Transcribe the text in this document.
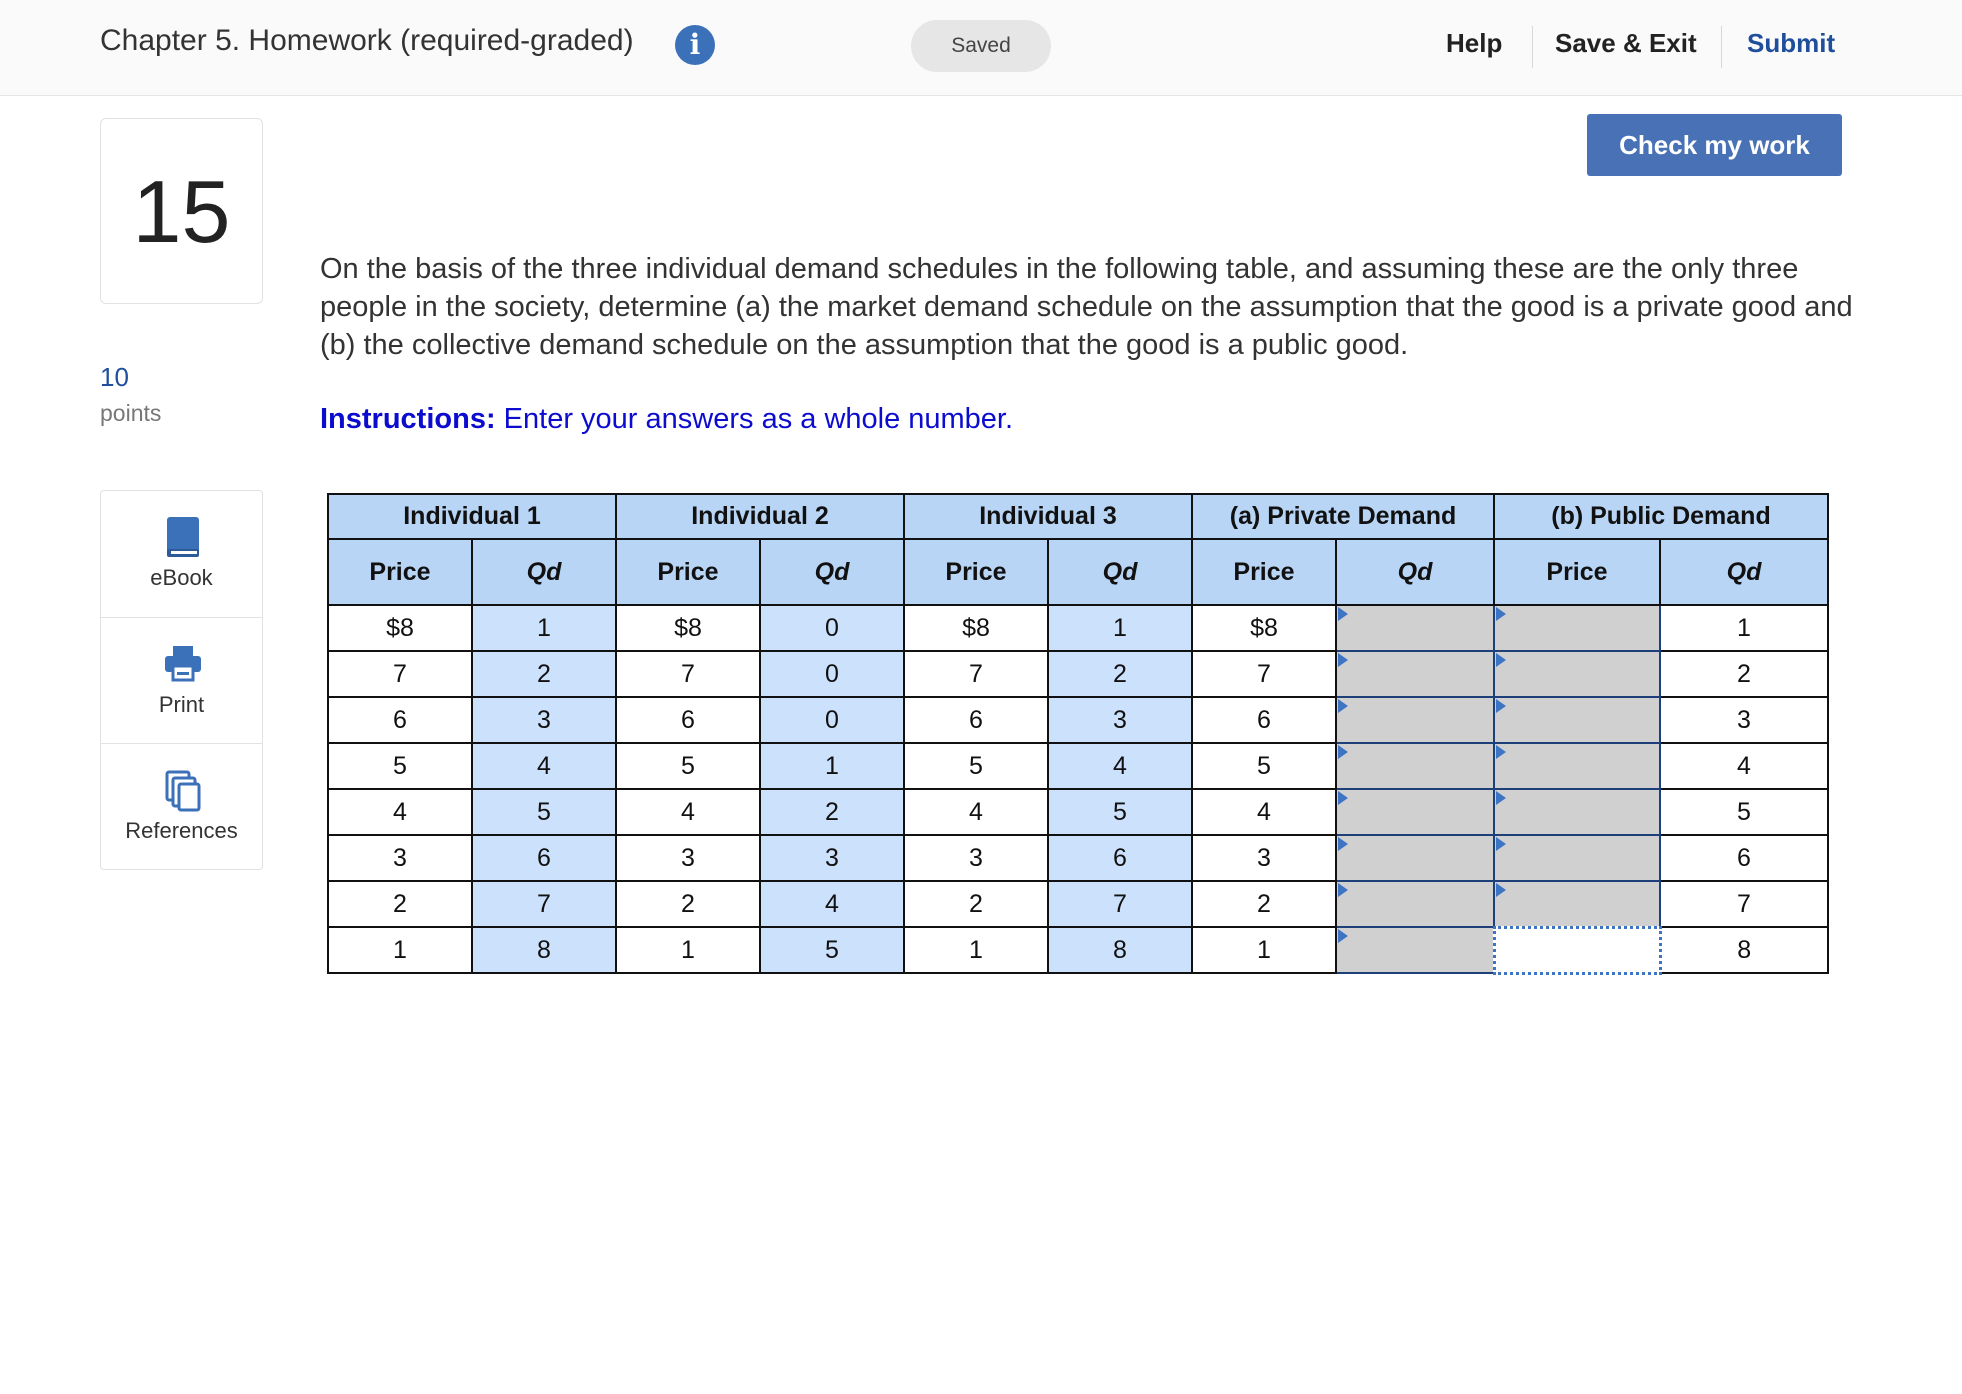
Chapter 5. Homework (required-graded)	i	Saved	Help Save & Exit Submit
15
10
points
eBook
Print
References
Check my work
On the basis of the three individual demand schedules in the following table, and assuming these are the only three people in the society, determine (a) the market demand schedule on the assumption that the good is a private good and (b) the collective demand schedule on the assumption that the good is a public good.
Instructions: Enter your answers as a whole number.
Individual 1		Individual 2		Individual 3		(a) Private Demand		(b) Public Demand	
Price	Qd	Price	Qd	Price	Qd	Price	Qd	Price	Qd
$8	1	$8	0	$8	1	$8			1
7	2	7	0	7	2	7			2
6	3	6	0	6	3	6			3
5	4	5	1	5	4	5			4
4	5	4	2	4	5	4			5
3	6	3	3	3	6	3			6
2	7	2	4	2	7	2			7
1	8	1	5	1	8	1			8
